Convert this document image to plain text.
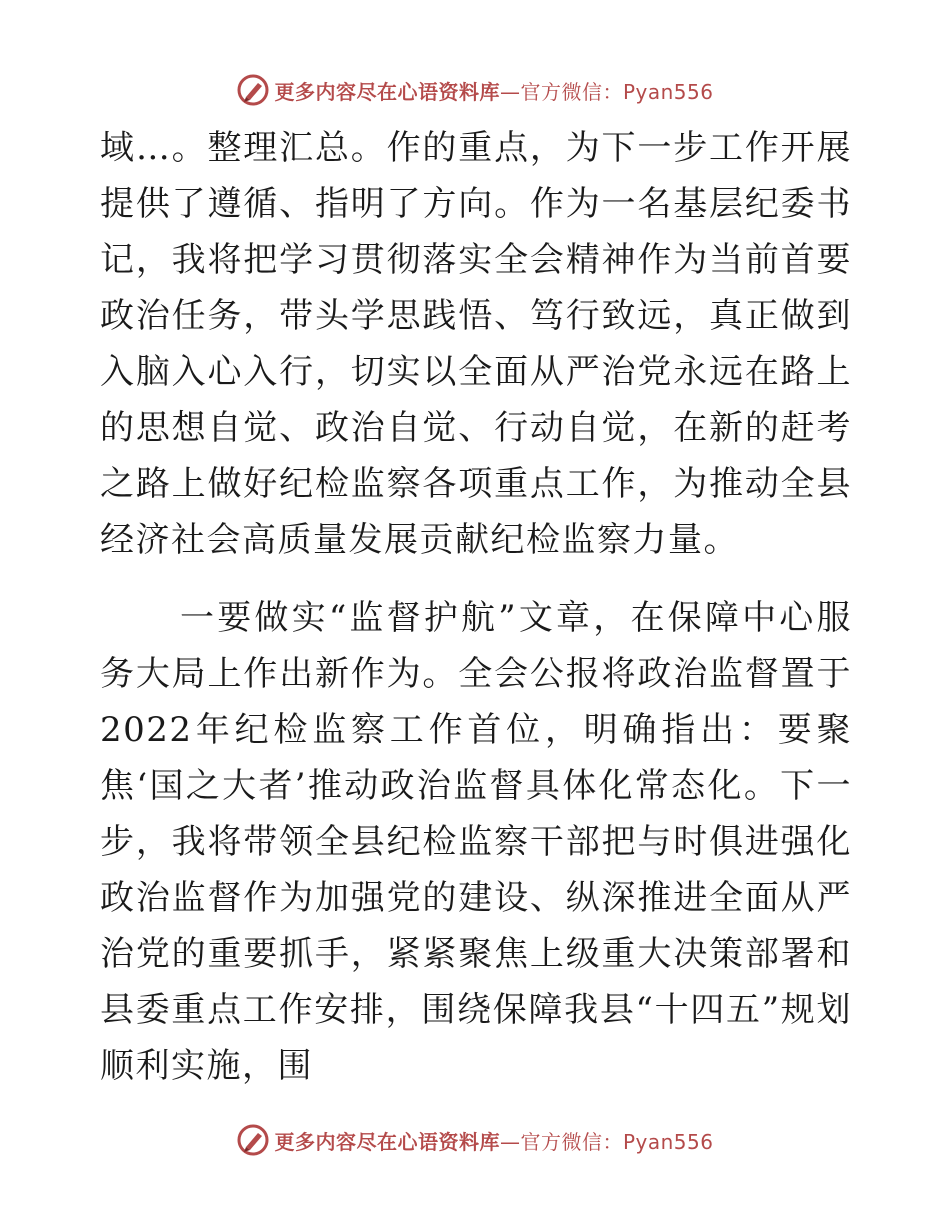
更多内容尽在心语资料库 —官方微信：Pyan556

域…。整理汇总。作的重点，为下一步工作开展提供了遵循、指明了方向。作为一名基层纪委书记，我将把学习贯彻落实全会精神作为当前首要政治任务，带头学思践悟、笃行致远，真正做到入脑入心入行，切实以全面从严治党永远在路上的思想自觉、政治自觉、行动自觉，在新的赶考之路上做好纪检监察各项重点工作，为推动全县经济社会高质量发展贡献纪检监察力量。

一要做实“监督护航”文章，在保障中心服务大局上作出新作为。全会公报将政治监督置于2022年纪检监察工作首位，明确指出：要聚焦‘国之大者’推动政治监督具体化常态化。下一步，我将带领全县纪检监察干部把与时俱进强化政治监督作为加强党的建设、纵深推进全面从严治党的重要抓手，紧紧聚焦上级重大决策部署和县委重点工作安排，围绕保障我县“十四五”规划顺利实施，围

更多内容尽在心语资料库 —官方微信：Pyan556
